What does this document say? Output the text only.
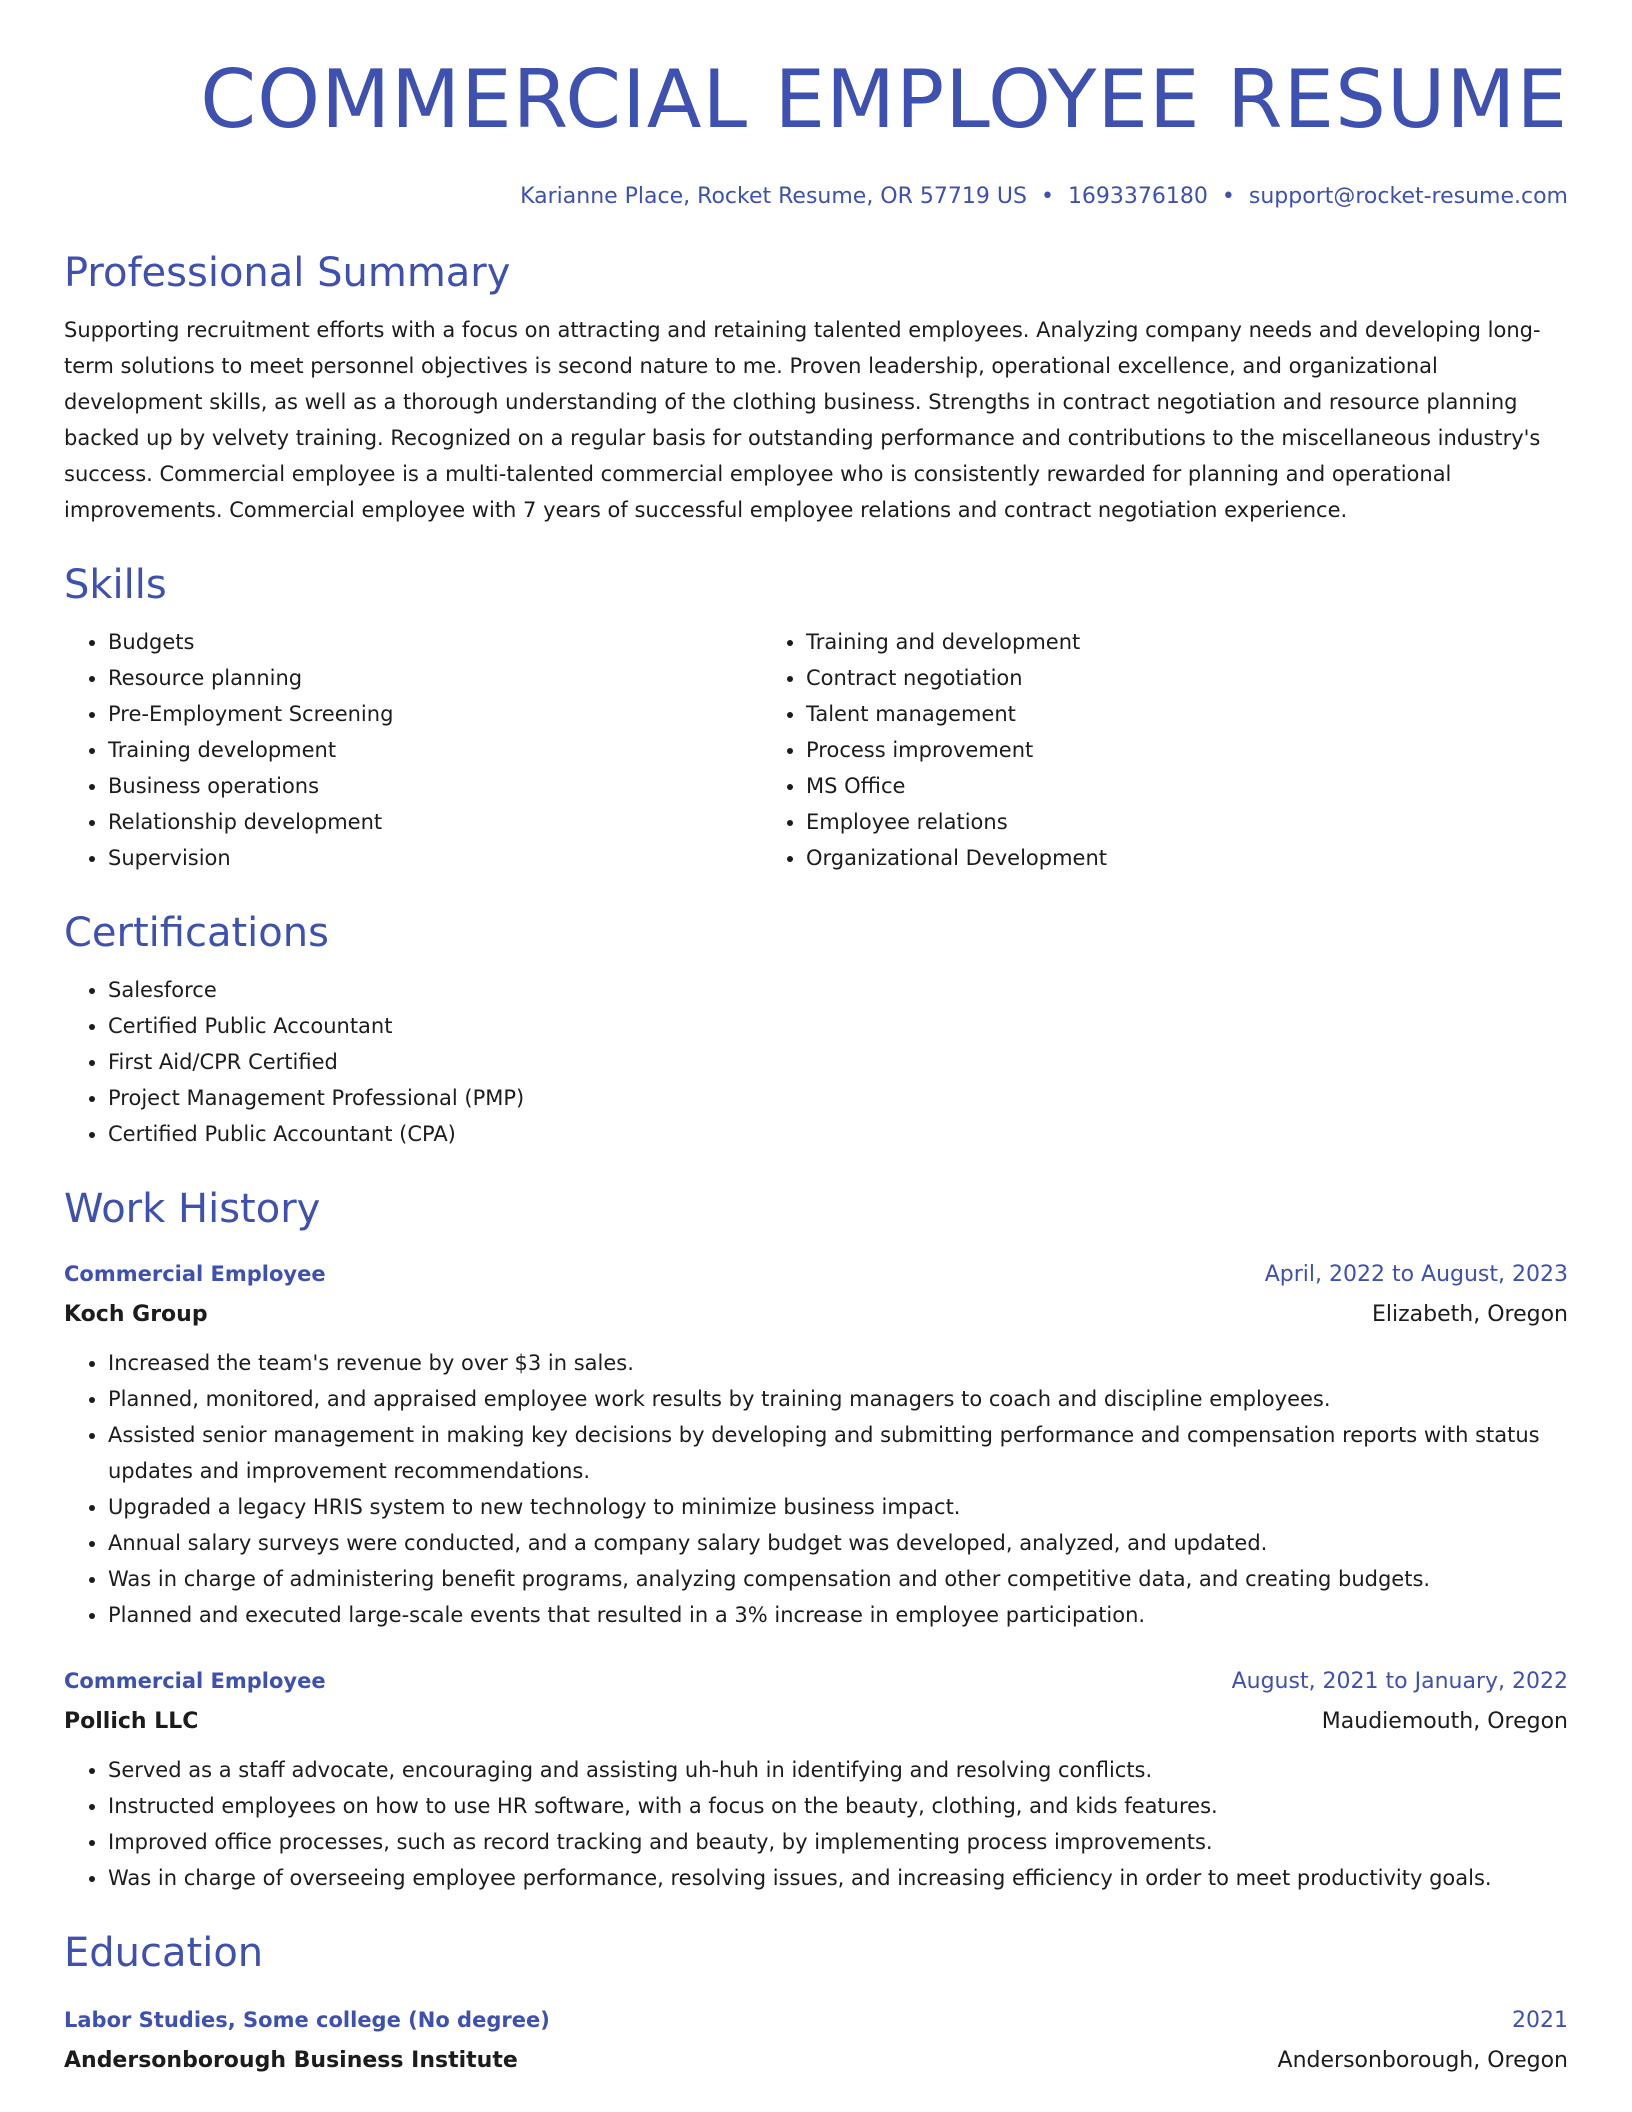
COMMERCIAL EMPLOYEE RESUME
Karianne Place, Rocket Resume, OR 57719 US • 1693376180 • support@rocket-resume.com
Professional Summary
Supporting recruitment efforts with a focus on attracting and retaining talented employees. Analyzing company needs and developing long-term solutions to meet personnel objectives is second nature to me. Proven leadership, operational excellence, and organizational development skills, as well as a thorough understanding of the clothing business. Strengths in contract negotiation and resource planning backed up by velvety training. Recognized on a regular basis for outstanding performance and contributions to the miscellaneous industry's success. Commercial employee is a multi-talented commercial employee who is consistently rewarded for planning and operational improvements. Commercial employee with 7 years of successful employee relations and contract negotiation experience.
Skills
• Budgets
• Resource planning
• Pre-Employment Screening
• Training development
• Business operations
• Relationship development
• Supervision
• Training and development
• Contract negotiation
• Talent management
• Process improvement
• MS Office
• Employee relations
• Organizational Development
Certifications
• Salesforce
• Certified Public Accountant
• First Aid/CPR Certified
• Project Management Professional (PMP)
• Certified Public Accountant (CPA)
Work History
Commercial Employee	April, 2022 to August, 2023
Koch Group	Elizabeth, Oregon
• Increased the team's revenue by over $3 in sales.
• Planned, monitored, and appraised employee work results by training managers to coach and discipline employees.
• Assisted senior management in making key decisions by developing and submitting performance and compensation reports with status updates and improvement recommendations.
• Upgraded a legacy HRIS system to new technology to minimize business impact.
• Annual salary surveys were conducted, and a company salary budget was developed, analyzed, and updated.
• Was in charge of administering benefit programs, analyzing compensation and other competitive data, and creating budgets.
• Planned and executed large-scale events that resulted in a 3% increase in employee participation.
Commercial Employee	August, 2021 to January, 2022
Pollich LLC	Maudiemouth, Oregon
• Served as a staff advocate, encouraging and assisting uh-huh in identifying and resolving conflicts.
• Instructed employees on how to use HR software, with a focus on the beauty, clothing, and kids features.
• Improved office processes, such as record tracking and beauty, by implementing process improvements.
• Was in charge of overseeing employee performance, resolving issues, and increasing efficiency in order to meet productivity goals.
Education
Labor Studies, Some college (No degree)	2021
Andersonborough Business Institute	Andersonborough, Oregon
